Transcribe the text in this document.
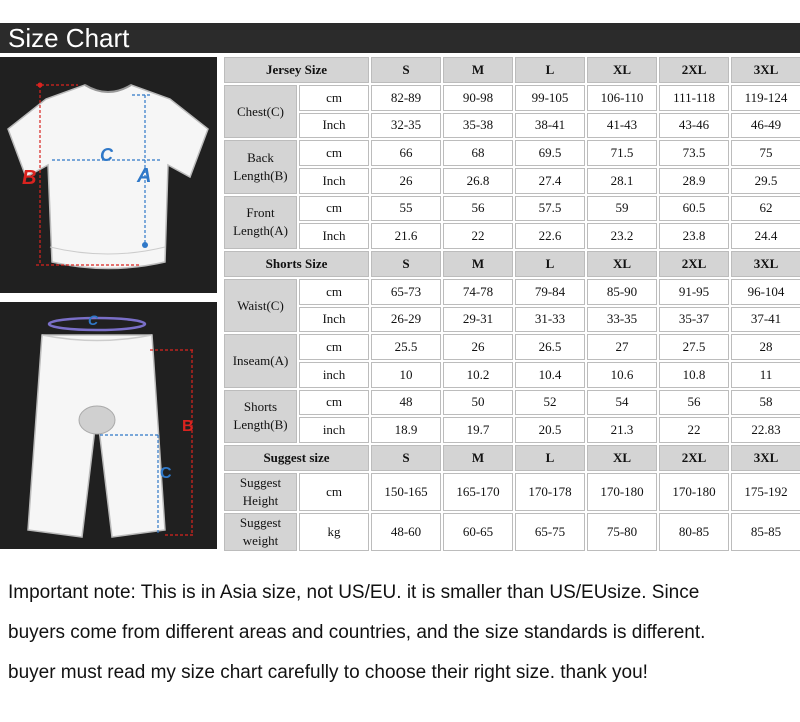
Size Chart
B	A
C
C
B
C
Jersey Size		S	M	L	XL	2XL	3XL
Chest(C)	cm	82-89	90-98	99-105	106-110	111-118	119-124
	Inch	32-35	35-38	38-41	41-43	43-46	46-49
Back Length(B)	cm	66	68	69.5	71.5	73.5	75
	Inch	26	26.8	27.4	28.1	28.9	29.5
Front Length(A)	cm	55	56	57.5	59	60.5	62
	Inch	21.6	22	22.6	23.2	23.8	24.4
Shorts Size		S	M	L	XL	2XL	3XL
Waist(C)	cm	65-73	74-78	79-84	85-90	91-95	96-104
	Inch	26-29	29-31	31-33	33-35	35-37	37-41
Inseam(A)	cm	25.5	26	26.5	27	27.5	28
	inch	10	10.2	10.4	10.6	10.8	11
Shorts Length(B)	cm	48	50	52	54	56	58
	inch	18.9	19.7	20.5	21.3	22	22.83
Suggest size		S	M	L	XL	2XL	3XL
Suggest Height	cm	150-165	165-170	170-178	170-180	170-180	175-192
Suggest weight	kg	48-60	60-65	65-75	75-80	80-85	85-85
Important note: This is in Asia size, not US/EU. it is smaller than US/EUsize. Since
buyers come from different areas and countries, and the size standards is different.
buyer must read my size chart carefully to choose their right size. thank you!
